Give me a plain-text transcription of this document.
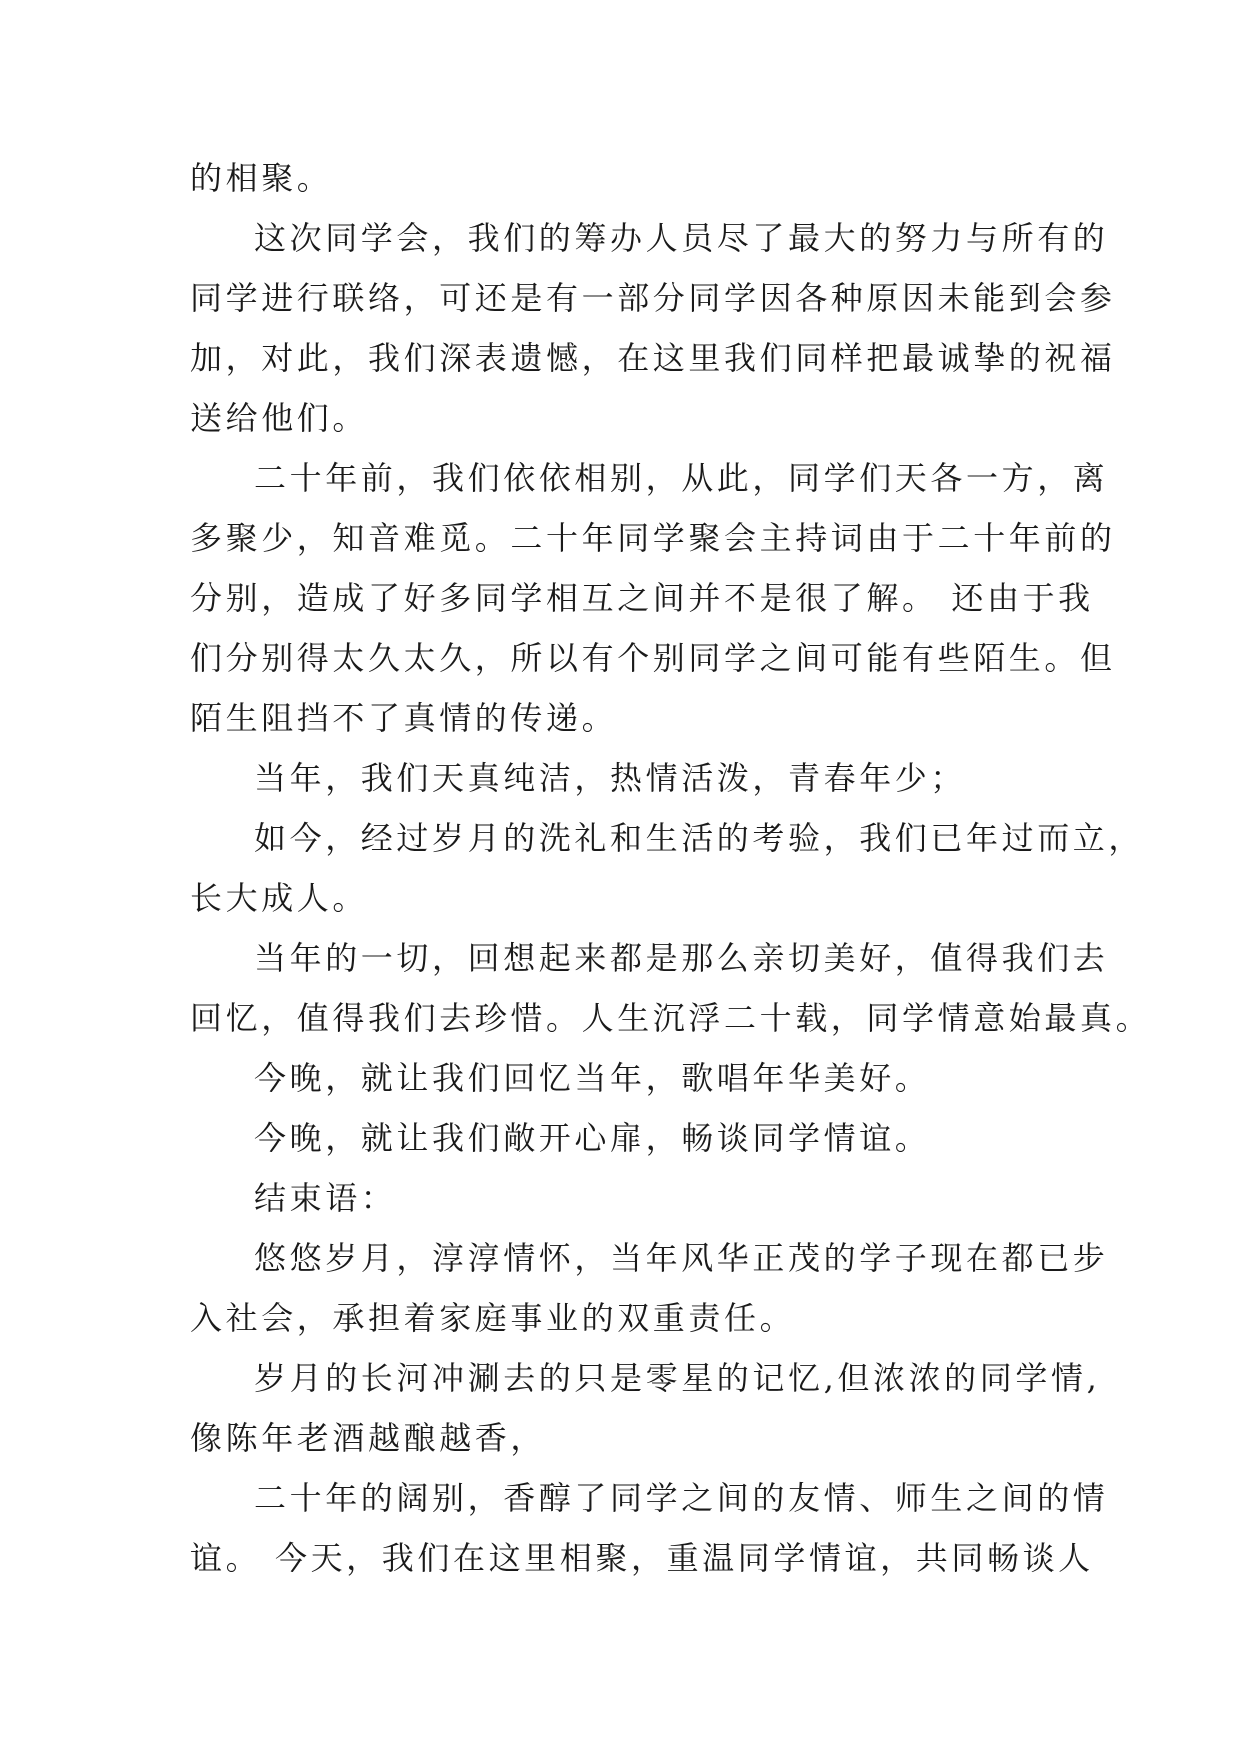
的相聚。
这次同学会，我们的筹办人员尽了最大的努力与所有的
同学进行联络，可还是有一部分同学因各种原因未能到会参
加，对此，我们深表遗憾，在这里我们同样把最诚挚的祝福
送给他们。
二十年前，我们依依相别，从此，同学们天各一方，离
多聚少，知音难觅。二十年同学聚会主持词由于二十年前的
分别，造成了好多同学相互之间并不是很了解。 还由于我
们分别得太久太久，所以有个别同学之间可能有些陌生。但
陌生阻挡不了真情的传递。
当年，我们天真纯洁，热情活泼，青春年少；
如今，经过岁月的洗礼和生活的考验，我们已年过而立，
长大成人。
当年的一切，回想起来都是那么亲切美好，值得我们去
回忆，值得我们去珍惜。人生沉浮二十载，同学情意始最真。
今晚，就让我们回忆当年，歌唱年华美好。
今晚，就让我们敞开心扉，畅谈同学情谊。
结束语：
悠悠岁月，淳淳情怀，当年风华正茂的学子现在都已步
入社会，承担着家庭事业的双重责任。
岁月的长河冲涮去的只是零星的记忆,但浓浓的同学情,
像陈年老酒越酿越香，
二十年的阔别，香醇了同学之间的友情、师生之间的情
谊。 今天，我们在这里相聚，重温同学情谊，共同畅谈人
